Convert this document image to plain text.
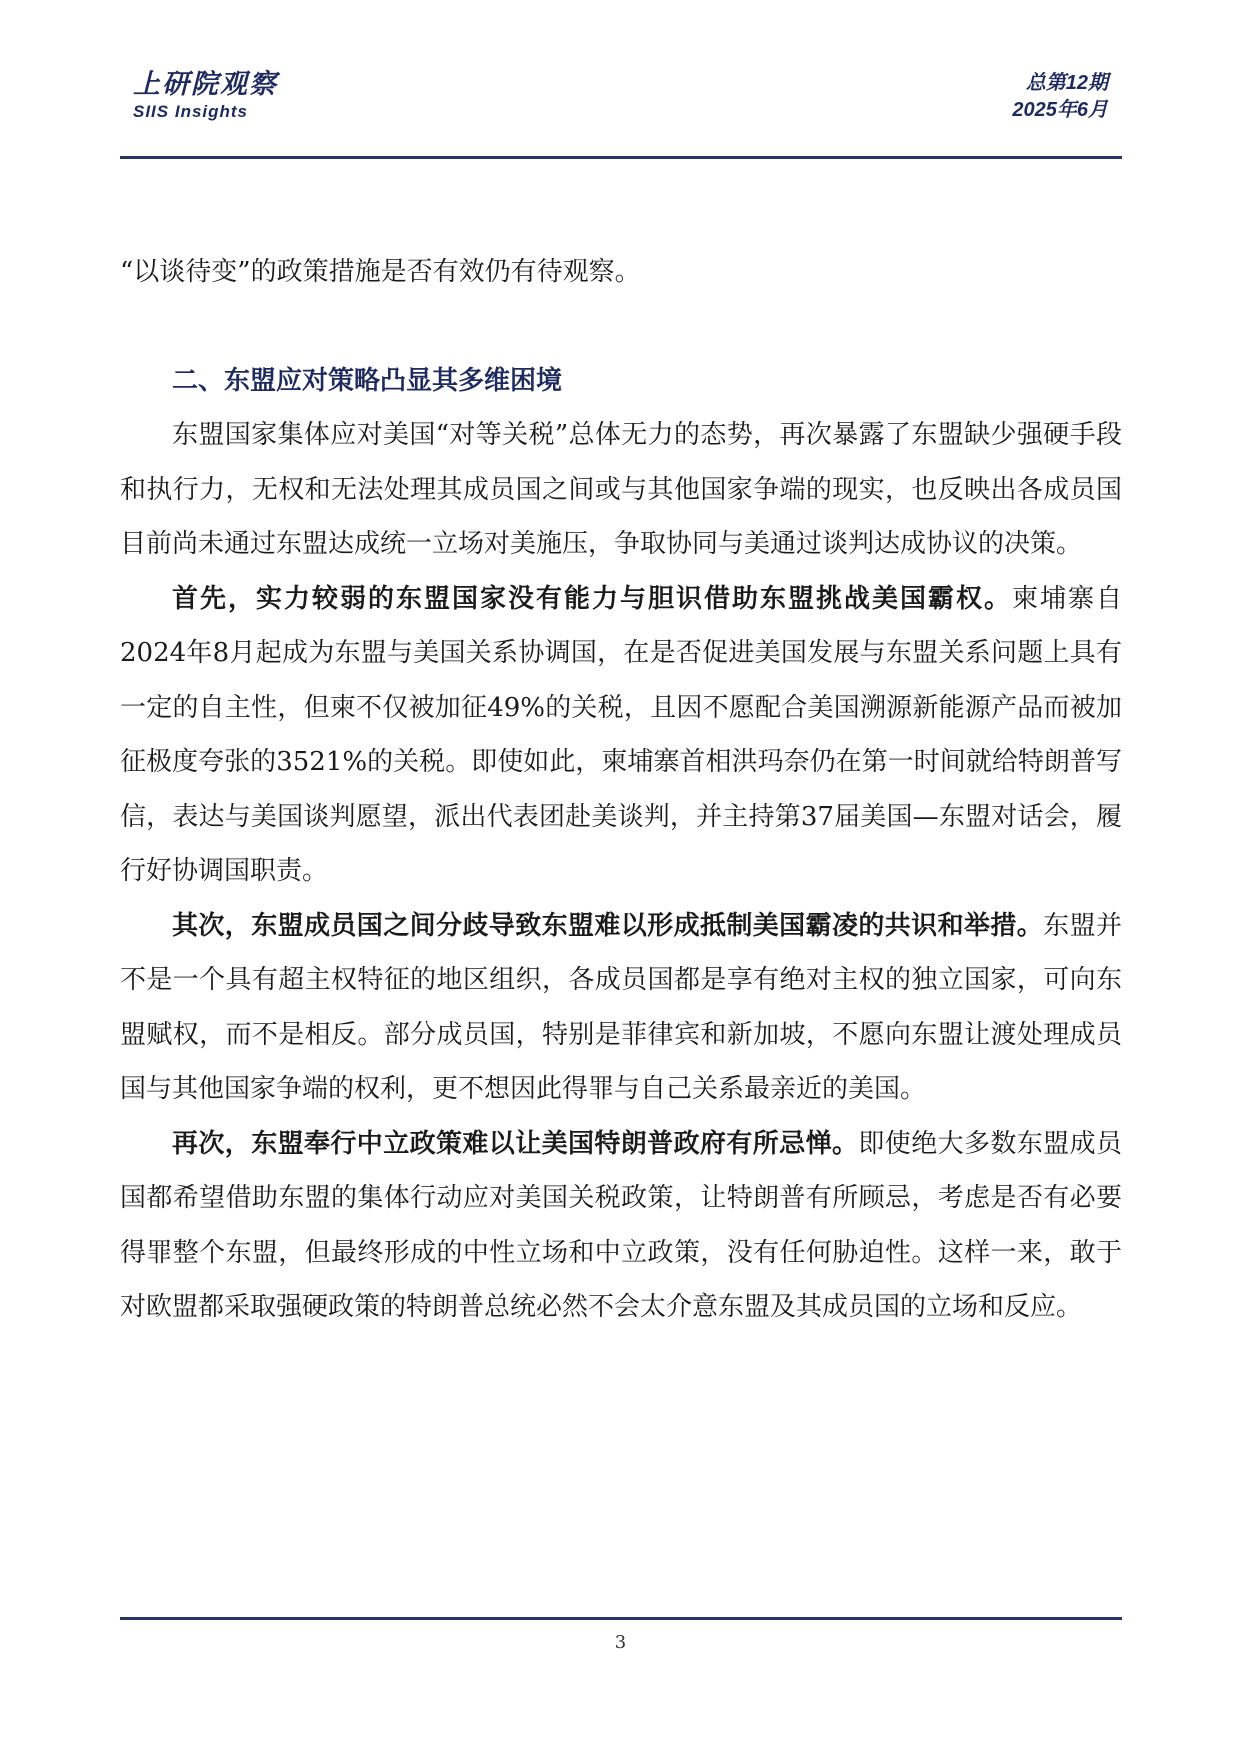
上研院观察
SIIS Insights
总第12期
2025年6月

“以谈待变”的政策措施是否有效仍有待观察。

二、东盟应对策略凸显其多维困境

东盟国家集体应对美国“对等关税”总体无力的态势，再次暴露了东盟缺少强硬手段和执行力，无权和无法处理其成员国之间或与其他国家争端的现实，也反映出各成员国目前尚未通过东盟达成统一立场对美施压，争取协同与美通过谈判达成协议的决策。

首先，实力较弱的东盟国家没有能力与胆识借助东盟挑战美国霸权。柬埔寨自2024年8月起成为东盟与美国关系协调国，在是否促进美国发展与东盟关系问题上具有一定的自主性，但柬不仅被加征49%的关税，且因不愿配合美国溯源新能源产品而被加征极度夸张的3521%的关税。即使如此，柬埔寨首相洪玛奈仍在第一时间就给特朗普写信，表达与美国谈判愿望，派出代表团赴美谈判，并主持第37届美国—东盟对话会，履行好协调国职责。

其次，东盟成员国之间分歧导致东盟难以形成抵制美国霸凌的共识和举措。东盟并不是一个具有超主权特征的地区组织，各成员国都是享有绝对主权的独立国家，可向东盟赋权，而不是相反。部分成员国，特别是菲律宾和新加坡，不愿向东盟让渡处理成员国与其他国家争端的权利，更不想因此得罪与自己关系最亲近的美国。

再次，东盟奉行中立政策难以让美国特朗普政府有所忌惮。即使绝大多数东盟成员国都希望借助东盟的集体行动应对美国关税政策，让特朗普有所顾忌，考虑是否有必要得罪整个东盟，但最终形成的中性立场和中立政策，没有任何胁迫性。这样一来，敢于对欧盟都采取强硬政策的特朗普总统必然不会太介意东盟及其成员国的立场和反应。

3
